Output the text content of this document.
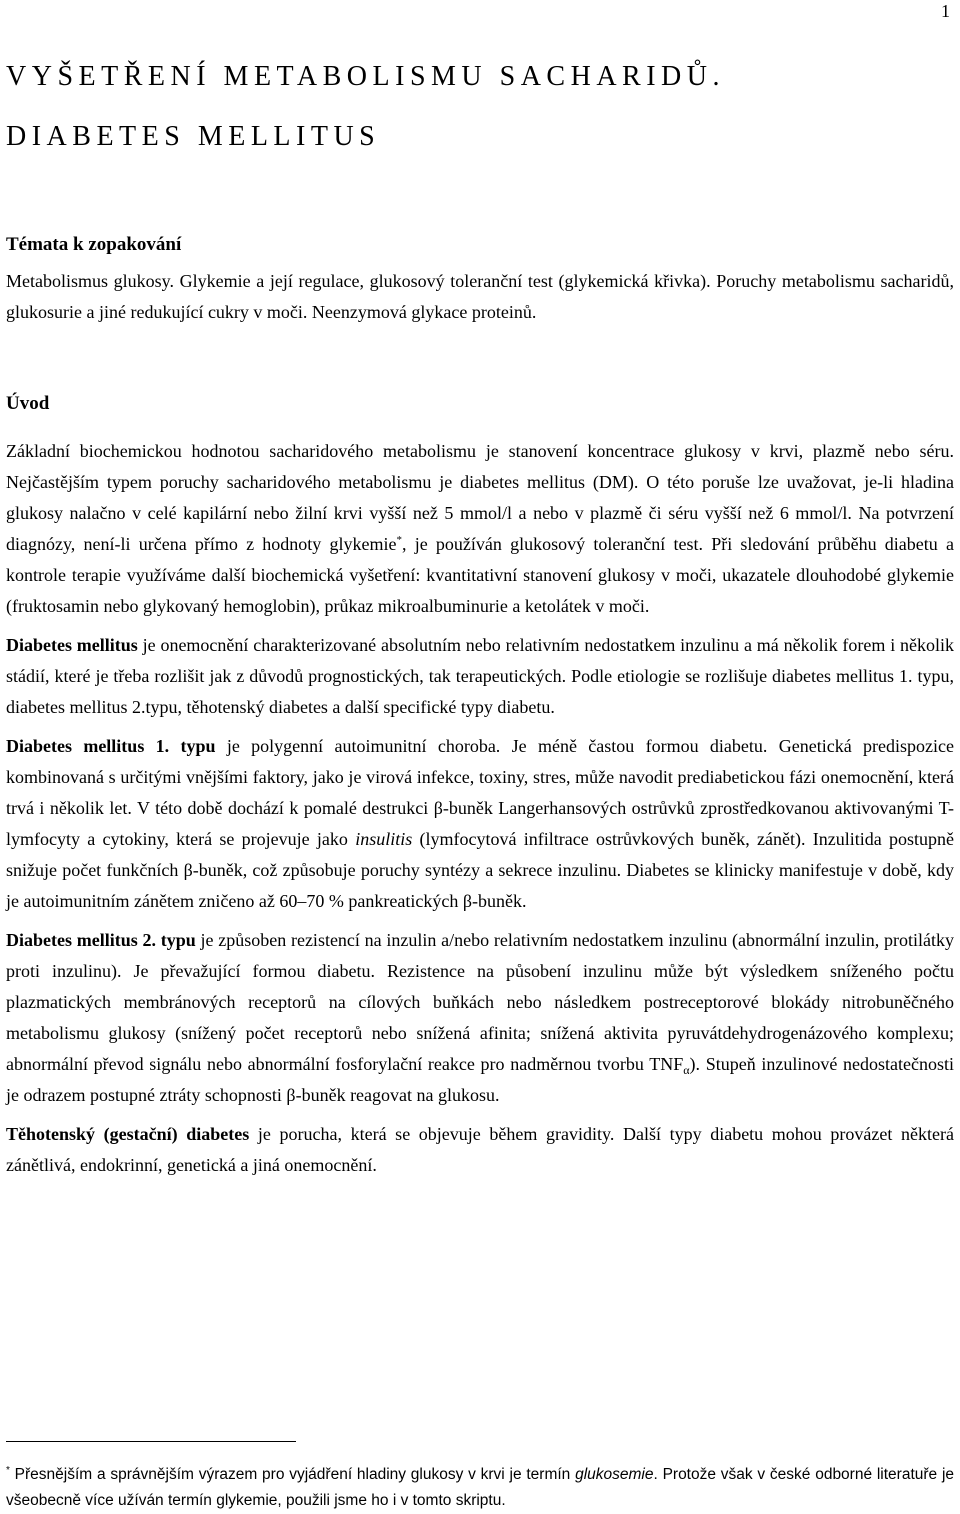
1
VYŠETŘENÍ METABOLISMU SACHARIDŮ.
DIABETES MELLITUS

Témata k zopakování

Metabolismus glukosy. Glykemie a její regulace, glukosový toleranční test (glykemická křivka). Poruchy metabolismu sacharidů, glukosurie a jiné redukující cukry v moči. Neenzymová glykace proteinů.

Úvod

Základní biochemickou hodnotou sacharidového metabolismu je stanovení koncentrace glukosy v krvi, plazmě nebo séru. Nejčastějším typem poruchy sacharidového metabolismu je diabetes mellitus (DM). O této poruše lze uvažovat, je-li hladina glukosy nalačno v celé kapilární nebo žilní krvi vyšší než 5 mmol/l a nebo v plazmě či séru vyšší než 6 mmol/l. Na potvrzení diagnózy, není-li určena přímo z hodnoty glykemie*, je používán glukosový toleranční test. Při sledování průběhu diabetu a kontrole terapie využíváme další biochemická vyšetření: kvantitativní stanovení glukosy v moči, ukazatele dlouhodobé glykemie (fruktosamin nebo glykovaný hemoglobin), průkaz mikroalbuminurie a ketolátek v moči.

Diabetes mellitus je onemocnění charakterizované absolutním nebo relativním nedostatkem inzulinu a má několik forem i několik stádií, které je třeba rozlišit jak z důvodů prognostických, tak terapeutických. Podle etiologie se rozlišuje diabetes mellitus 1. typu, diabetes mellitus 2.typu, těhotenský diabetes a další specifické typy diabetu.

Diabetes mellitus 1. typu je polygenní autoimunitní choroba. Je méně častou formou diabetu. Genetická predispozice kombinovaná s určitými vnějšími faktory, jako je virová infekce, toxiny, stres, může navodit prediabetickou fázi onemocnění, která trvá i několik let. V této době dochází k pomalé destrukci β-buněk Langerhansových ostrůvků zprostředkovanou aktivovanými T-lymfocyty a cytokiny, která se projevuje jako insulitis (lymfocytová infiltrace ostrůvkových buněk, zánět). Inzulitida postupně snižuje počet funkčních β-buněk, což způsobuje poruchy syntézy a sekrece inzulinu. Diabetes se klinicky manifestuje v době, kdy je autoimunitním zánětem zničeno až 60–70 % pankreatických β-buněk.

Diabetes mellitus 2. typu je způsoben rezistencí na inzulin a/nebo relativním nedostatkem inzulinu (abnormální inzulin, protilátky proti inzulinu). Je převažující formou diabetu. Rezistence na působení inzulinu může být výsledkem sníženého počtu plazmatických membránových receptorů na cílových buňkách nebo následkem postreceptorové blokády nitrobuněčného metabolismu glukosy (snížený počet receptorů nebo snížená afinita; snížená aktivita pyruvátdehydrogenázového komplexu; abnormální převod signálu nebo abnormální fosforylační reakce pro nadměrnou tvorbu $TNF_\alpha$). Stupeň inzulinové nedostatečnosti je odrazem postupné ztráty schopnosti β-buněk reagovat na glukosu.

Těhotenský (gestační) diabetes je porucha, která se objevuje během gravidity. Další typy diabetu mohou provázet některá zánětlivá, endokrinní, genetická a jiná onemocnění.

* Přesnějším a správnějším výrazem pro vyjádření hladiny glukosy v krvi je termín glukosemie. Protože však v české odborné literatuře je všeobecně více užíván termín glykemie, použili jsme ho i v tomto skriptu.
